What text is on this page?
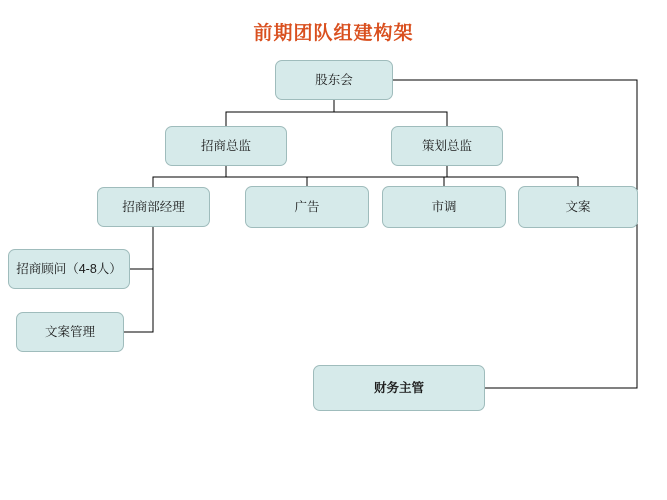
前期团队组建构架
股东会
招商总监	策划总监
招商部经理	广告	市调	文案
招商顾问（4-8人）
文案管理
财务主管
